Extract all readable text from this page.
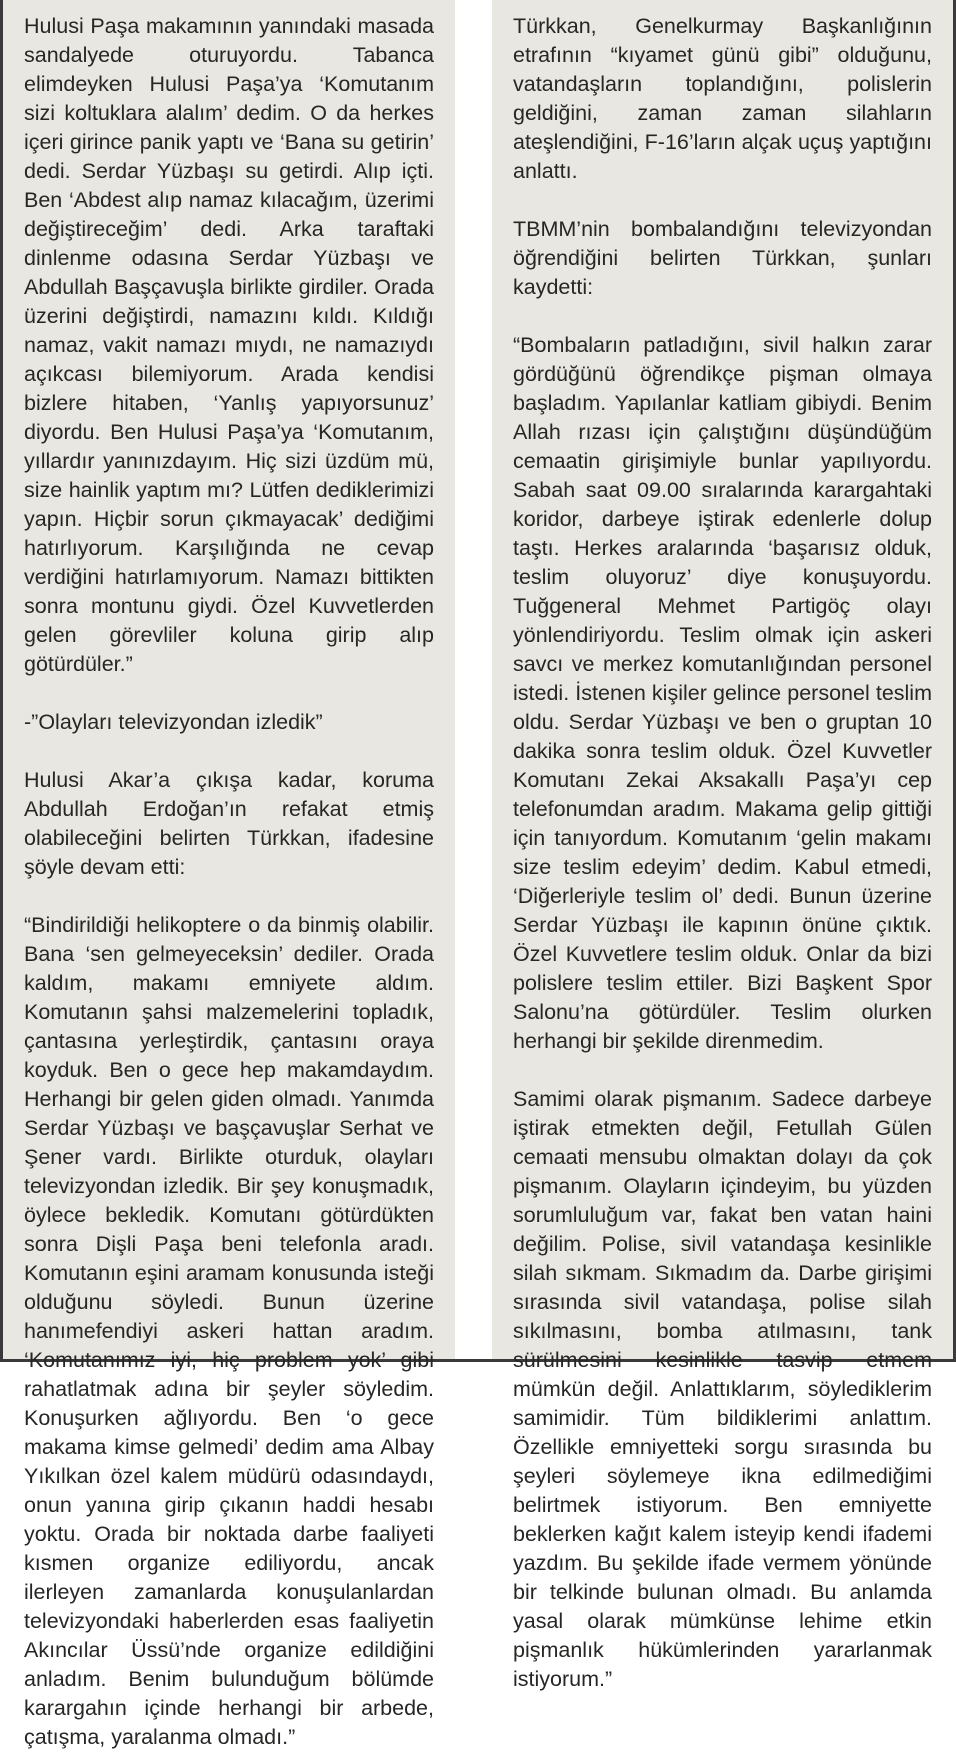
Hulusi Paşa makamının yanındaki masada sandalyede oturuyordu. Tabanca elimdeyken Hulusi Paşa’ya ‘Komutanım sizi koltuklara alalım’ dedim. O da herkes içeri girince panik yaptı ve ‘Bana su getirin’ dedi. Serdar Yüzbaşı su getirdi. Alıp içti. Ben ‘Abdest alıp namaz kılacağım, üzerimi değiştireceğim’ dedi. Arka taraftaki dinlenme odasına Serdar Yüzbaşı ve Abdullah Başçavuşla birlikte girdiler. Orada üzerini değiştirdi, namazını kıldı. Kıldığı namaz, vakit namazı mıydı, ne namazıydı açıkcası bilemiyorum. Arada kendisi bizlere hitaben, ‘Yanlış yapıyorsunuz’ diyordu. Ben Hulusi Paşa’ya ‘Komutanım, yıllardır yanınızdayım. Hiç sizi üzdüm mü, size hainlik yaptım mı? Lütfen dediklerimizi yapın. Hiçbir sorun çıkmayacak’ dediğimi hatırlıyorum. Karşılığında ne cevap verdiğini hatırlamıyorum. Namazı bittikten sonra montunu giydi. Özel Kuvvetlerden gelen görevliler koluna girip alıp götürdüler.”

-”Olayları televizyondan izledik”

Hulusi Akar’a çıkışa kadar, koruma Abdullah Erdoğan’ın refakat etmiş olabileceğini belirten Türkkan, ifadesine şöyle devam etti:

“Bindirildiği helikoptere o da binmiş olabilir. Bana ‘sen gelmeyeceksin’ dediler. Orada kaldım, makamı emniyete aldım. Komutanın şahsi malzemelerini topladık, çantasına yerleştirdik, çantasını oraya koyduk. Ben o gece hep makamdaydım. Herhangi bir gelen giden olmadı. Yanımda Serdar Yüzbaşı ve başçavuşlar Serhat ve Şener vardı. Birlikte oturduk, olayları televizyondan izledik. Bir şey konuşmadık, öylece bekledik. Komutanı götürdükten sonra Dişli Paşa beni telefonla aradı. Komutanın eşini aramam konusunda isteği olduğunu söyledi. Bunun üzerine hanımefendiyi askeri hattan aradım. ‘Komutanımız iyi, hiç problem yok’ gibi rahatlatmak adına bir şeyler söyledim. Konuşurken ağlıyordu. Ben ‘o gece makama kimse gelmedi’ dedim ama Albay Yıkılkan özel kalem müdürü odasındaydı, onun yanına girip çıkanın haddi hesabı yoktu. Orada bir noktada darbe faaliyeti kısmen organize ediliyordu, ancak ilerleyen zamanlarda konuşulanlardan televizyondaki haberlerden esas faaliyetin Akıncılar Üssü’nde organize edildiğini anladım. Benim bulunduğum bölümde karargahın içinde herhangi bir arbede, çatışma, yaralanma olmadı.”

Türkkan, Genelkurmay Başkanlığının etrafının “kıyamet günü gibi” olduğunu, vatandaşların toplandığını, polislerin geldiğini, zaman zaman silahların ateşlendiğini, F-16’ların alçak uçuş yaptığını anlattı.

TBMM’nin bombalandığını televizyondan öğrendiğini belirten Türkkan, şunları kaydetti:

“Bombaların patladığını, sivil halkın zarar gördüğünü öğrendikçe pişman olmaya başladım. Yapılanlar katliam gibiydi. Benim Allah rızası için çalıştığını düşündüğüm cemaatin girişimiyle bunlar yapılıyordu. Sabah saat 09.00 sıralarında karargahtaki koridor, darbeye iştirak edenlerle dolup taştı. Herkes aralarında ‘başarısız olduk, teslim oluyoruz’ diye konuşuyordu. Tuğgeneral Mehmet Partigöç olayı yönlendiriyordu. Teslim olmak için askeri savcı ve merkez komutanlığından personel istedi. İstenen kişiler gelince personel teslim oldu. Serdar Yüzbaşı ve ben o gruptan 10 dakika sonra teslim olduk. Özel Kuvvetler Komutanı Zekai Aksakallı Paşa’yı cep telefonumdan aradım. Makama gelip gittiği için tanıyordum. Komutanım ‘gelin makamı size teslim edeyim’ dedim. Kabul etmedi, ‘Diğerleriyle teslim ol’ dedi. Bunun üzerine Serdar Yüzbaşı ile kapının önüne çıktık. Özel Kuvvetlere teslim olduk. Onlar da bizi polislere teslim ettiler. Bizi Başkent Spor Salonu’na götürdüler. Teslim olurken herhangi bir şekilde direnmedim.

Samimi olarak pişmanım. Sadece darbeye iştirak etmekten değil, Fetullah Gülen cemaati mensubu olmaktan dolayı da çok pişmanım. Olayların içindeyim, bu yüzden sorumluluğum var, fakat ben vatan haini değilim. Polise, sivil vatandaşa kesinlikle silah sıkmam. Sıkmadım da. Darbe girişimi sırasında sivil vatandaşa, polise silah sıkılmasını, bomba atılmasını, tank sürülmesini kesinlikle tasvip etmem mümkün değil. Anlattıklarım, söylediklerim samimidir. Tüm bildiklerimi anlattım. Özellikle emniyetteki sorgu sırasında bu şeyleri söylemeye ikna edilmediğimi belirtmek istiyorum. Ben emniyette beklerken kağıt kalem isteyip kendi ifademi yazdım. Bu şekilde ifade vermem yönünde bir telkinde bulunan olmadı. Bu anlamda yasal olarak mümkünse lehime etkin pişmanlık hükümlerinden yararlanmak istiyorum.”
